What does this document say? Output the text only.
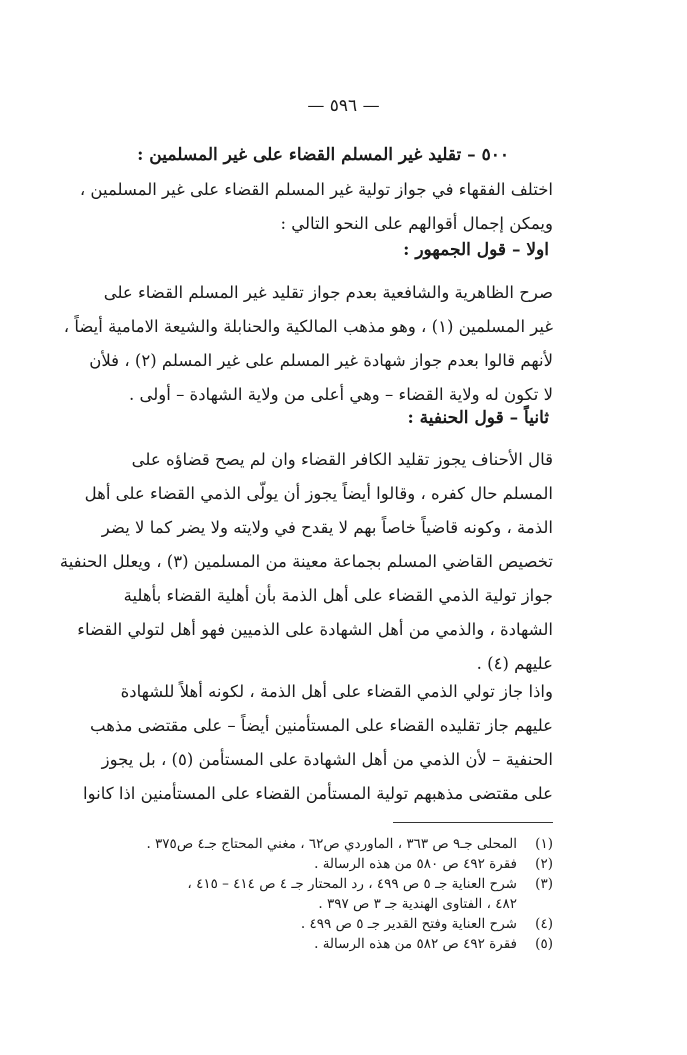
— ٥٩٦ —
٥٠٠ – تقليد غير المسلم القضاء على غير المسلمين :
اختلف الفقهاء في جواز تولية غير المسلم القضاء على غير المسلمين ،
ويمكن إجمال أقوالهم على النحو التالي :
اولا – قول الجمهور :
صرح الظاهرية والشافعية بعدم جواز تقليد غير المسلم القضاء على
غير المسلمين (١) ، وهو مذهب المالكية والحنابلة والشيعة الامامية أيضاً ،
لأنهم قالوا بعدم جواز شهادة غير المسلم على غير المسلم (٢) ، فلأن
لا تكون له ولاية القضاء – وهي أعلى من ولاية الشهادة – أولى .
ثانياً – قول الحنفية :
قال الأحناف يجوز تقليد الكافر القضاء وان لم يصح قضاؤه على
المسلم حال كفره ، وقالوا أيضاً يجوز أن يولّى الذمي القضاء على أهل
الذمة ، وكونه قاضياً خاصاً بهم لا يقدح في ولايته ولا يضر كما لا يضر
تخصيص القاضي المسلم بجماعة معينة من المسلمين (٣) ، ويعلل الحنفية
جواز تولية الذمي القضاء على أهل الذمة بأن أهلية القضاء بأهلية
الشهادة ، والذمي من أهل الشهادة على الذميين فهو أهل لتولي القضاء
عليهم (٤) .
واذا جاز تولي الذمي القضاء على أهل الذمة ، لكونه أهلاً للشهادة
عليهم جاز تقليده القضاء على المستأمنين أيضاً – على مقتضى مذهب
الحنفية – لأن الذمي من أهل الشهادة على المستأمن (٥) ، بل يجوز
على مقتضى مذهبهم تولية المستأمن القضاء على المستأمنين اذا كانوا
(١)
المحلى جـ٩ ص ٣٦٣ ، الماوردي ص٦٢ ، مغني المحتاج جـ٤ ص٣٧٥ .
(٢)
فقرة ٤٩٢ ص ٥٨٠ من هذه الرسالة .
(٣)
شرح العناية جـ ٥ ص ٤٩٩ ، رد المحتار جـ ٤ ص ٤١٤ – ٤١٥ ،
٤٨٢ ، الفتاوى الهندية جـ ٣ ص ٣٩٧ .
(٤)
شرح العناية وفتح القدير جـ ٥ ص ٤٩٩ .
(٥)
فقرة ٤٩٢ ص ٥٨٢ من هذه الرسالة .
